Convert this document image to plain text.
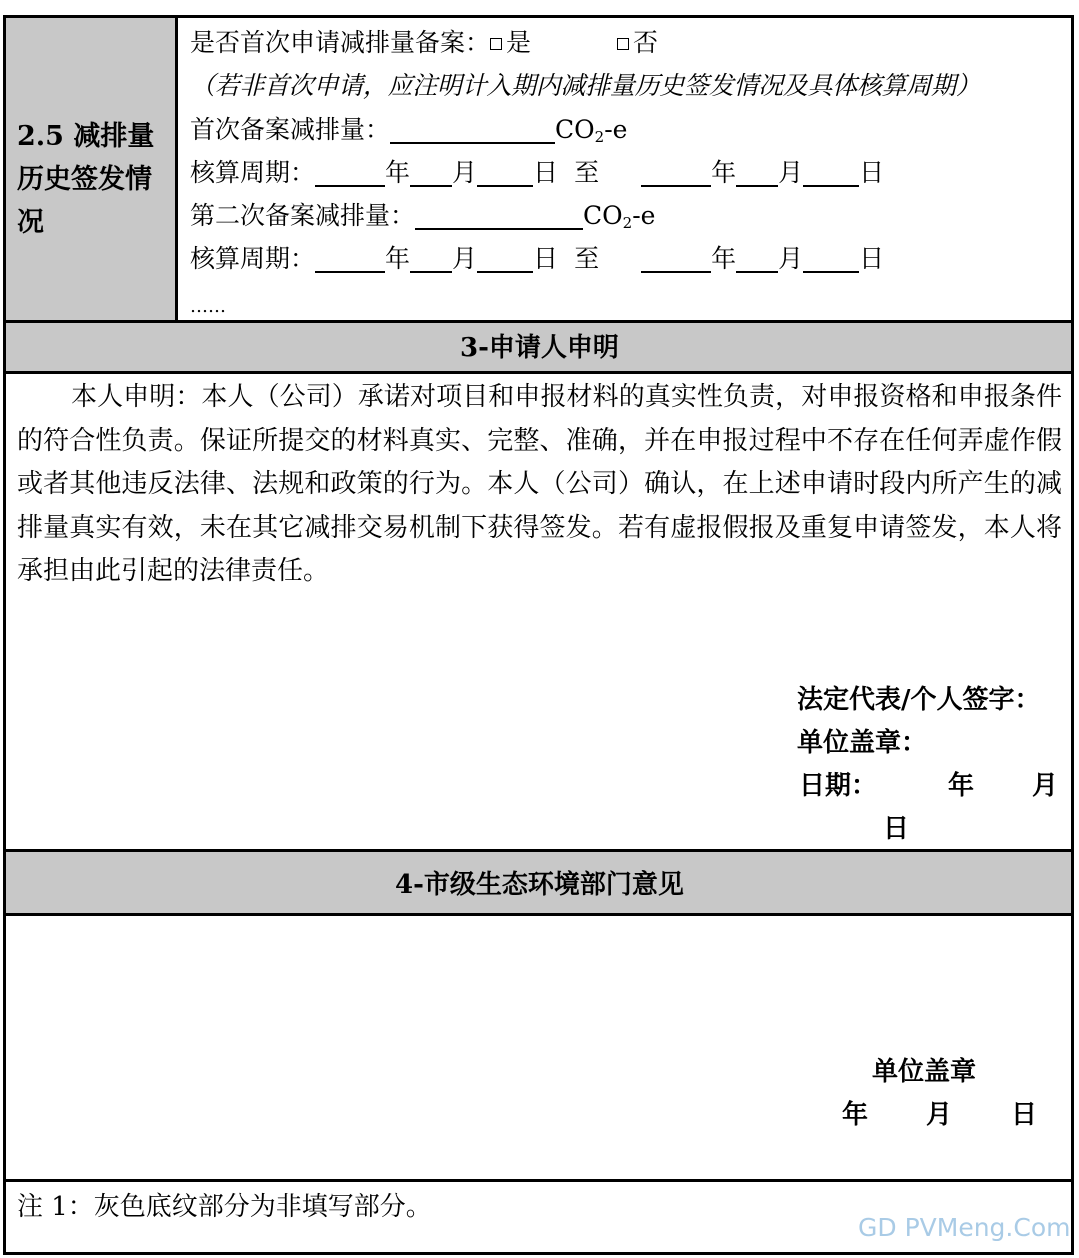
2.5 减排量
历史签发情
况
是否首次申请减排量备案： 是	否
（若非首次申请，应注明计入期内减排量历史签发情况及具体核算周期）
首次备案减排量：	$CO_2-e$
核算周期：	年 月 日 至	年 月 日
第二次备案减排量：	$CO_2-e$
核算周期：	年 月 日 至	年 月 日
……
3-申请人申明
本人申明：本人（公司）承诺对项目和申报材料的真实性负责，对申报资格和申报条件的符合性负责。保证所提交的材料真实、完整、准确，并在申报过程中不存在任何弄虚作假或者其他违反法律、法规和政策的行为。本人（公司）确认，在上述申请时段内所产生的减排量真实有效，未在其它减排交易机制下获得签发。若有虚报假报及重复申请签发，本人将承担由此引起的法律责任。
法定代表/个人签字：
单位盖章：
日期：	年 月
日
4-市级生态环境部门意见
单位盖章
年 月 日
注 1：灰色底纹部分为非填写部分。
GD PVMeng.Com
